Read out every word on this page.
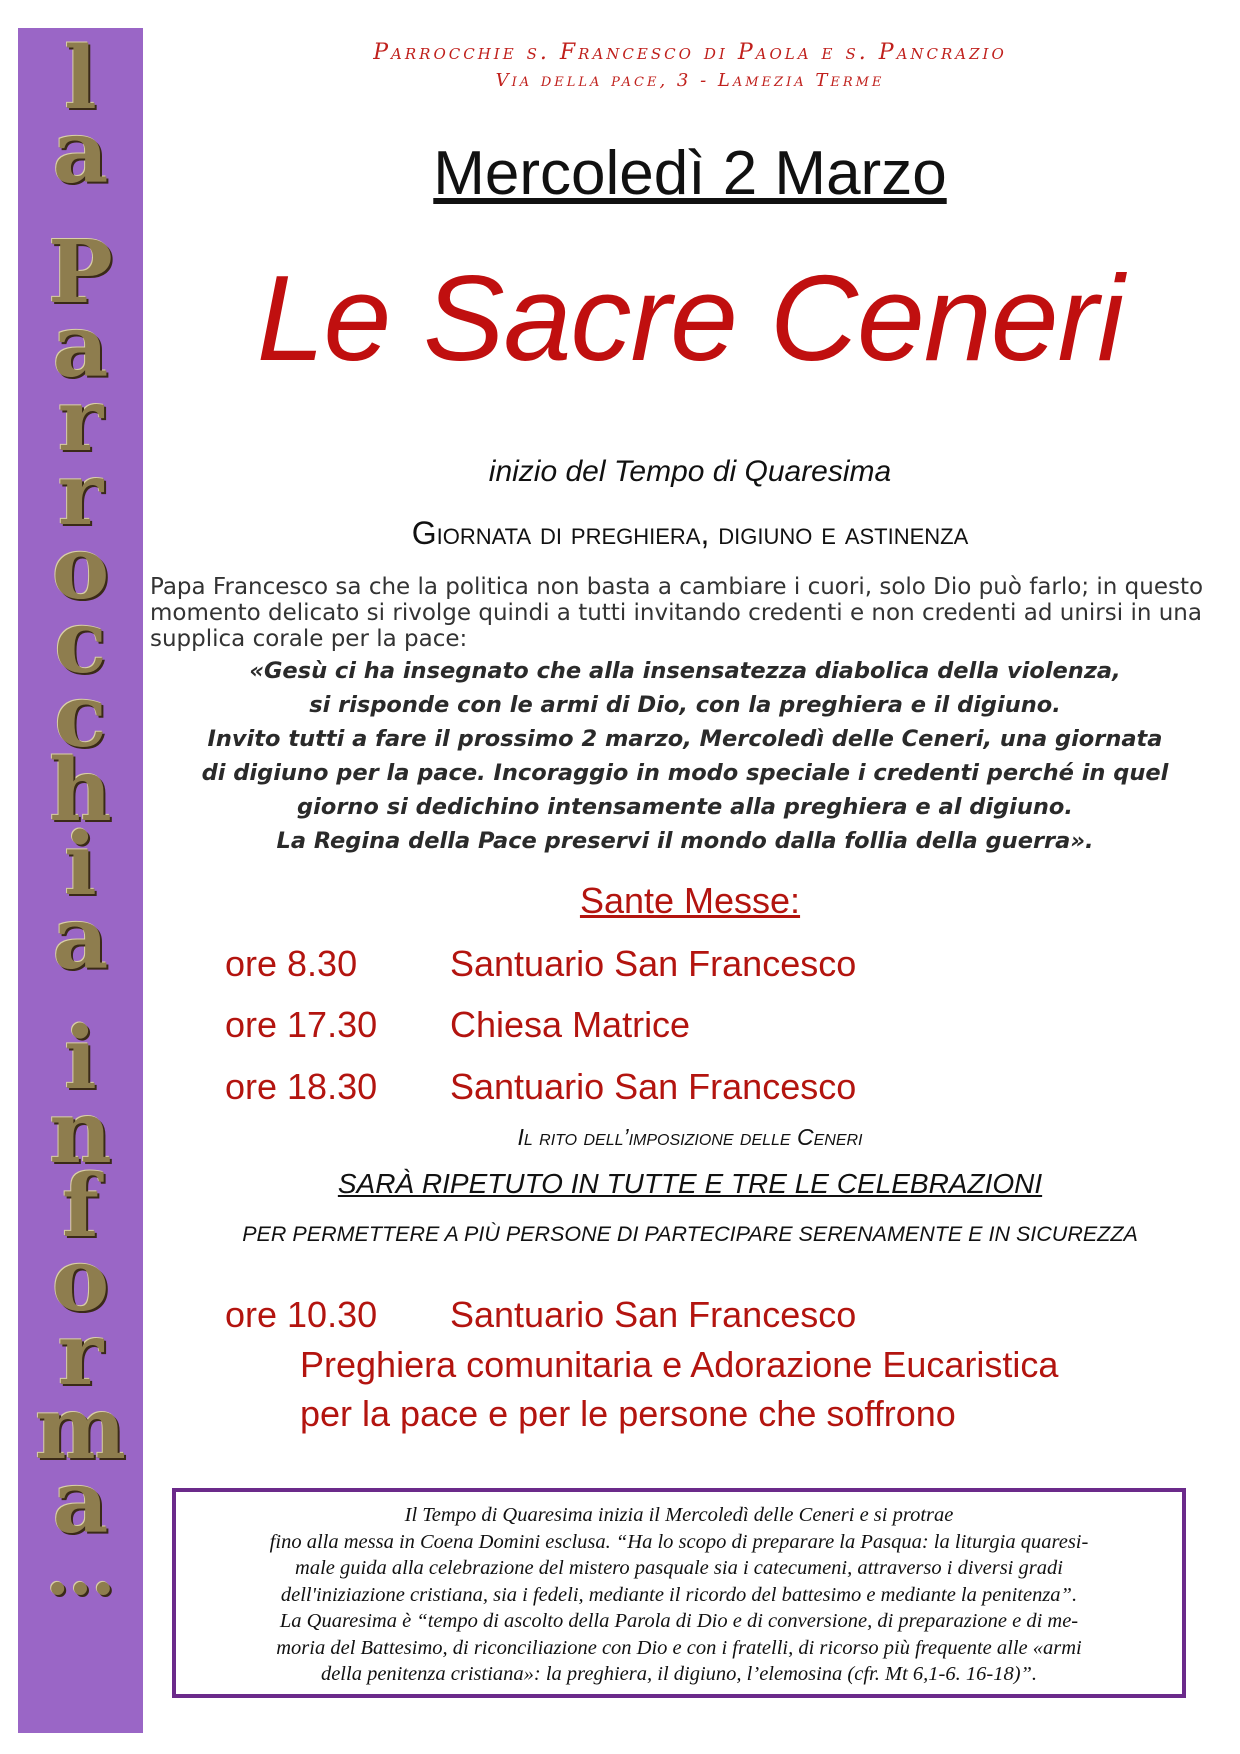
l
a
P
a
r
r
o
c
c
h
i
a
i
n
f
o
r
m
a
…
Parrocchie s. Francesco di Paola e s. Pancrazio
Via della pace, 3 - Lamezia Terme
Mercoledì 2 Marzo
Le Sacre Ceneri
inizio del Tempo di Quaresima
Giornata di preghiera, digiuno e astinenza
Papa Francesco sa che la politica non basta a cambiare i cuori, solo Dio può farlo; in questo momento delicato si rivolge quindi a tutti invitando credenti e non credenti ad unirsi in una supplica corale per la pace:
«Gesù ci ha insegnato che alla insensatezza diabolica della violenza,
si risponde con le armi di Dio, con la preghiera e il digiuno.
Invito tutti a fare il prossimo 2 marzo, Mercoledì delle Ceneri, una giornata
di digiuno per la pace. Incoraggio in modo speciale i credenti perché in quel
giorno si dedichino intensamente alla preghiera e al digiuno.
La Regina della Pace preservi il mondo dalla follia della guerra».
Sante Messe:
ore 8.30	Santuario San Francesco
ore 17.30 Chiesa Matrice
ore 18.30 Santuario San Francesco
Il rito dell’imposizione delle Ceneri
SARÀ RIPETUTO IN TUTTE E TRE LE CELEBRAZIONI
PER PERMETTERE A PIÙ PERSONE DI PARTECIPARE SERENAMENTE E IN SICUREZZA
ore 10.30 Santuario San Francesco
Preghiera comunitaria e Adorazione Eucaristica
per la pace e per le persone che soffrono
Il Tempo di Quaresima inizia il Mercoledì delle Ceneri e si protrae
fino alla messa in Coena Domini esclusa. “Ha lo scopo di preparare la Pasqua: la liturgia quaresi-
male guida alla celebrazione del mistero pasquale sia i catecumeni, attraverso i diversi gradi
dell'iniziazione cristiana, sia i fedeli, mediante il ricordo del battesimo e mediante la penitenza”.
La Quaresima è “tempo di ascolto della Parola di Dio e di conversione, di preparazione e di me-
moria del Battesimo, di riconciliazione con Dio e con i fratelli, di ricorso più frequente alle «armi
della penitenza cristiana»: la preghiera, il digiuno, l’elemosina (cfr. Mt 6,1-6. 16-18)”.
